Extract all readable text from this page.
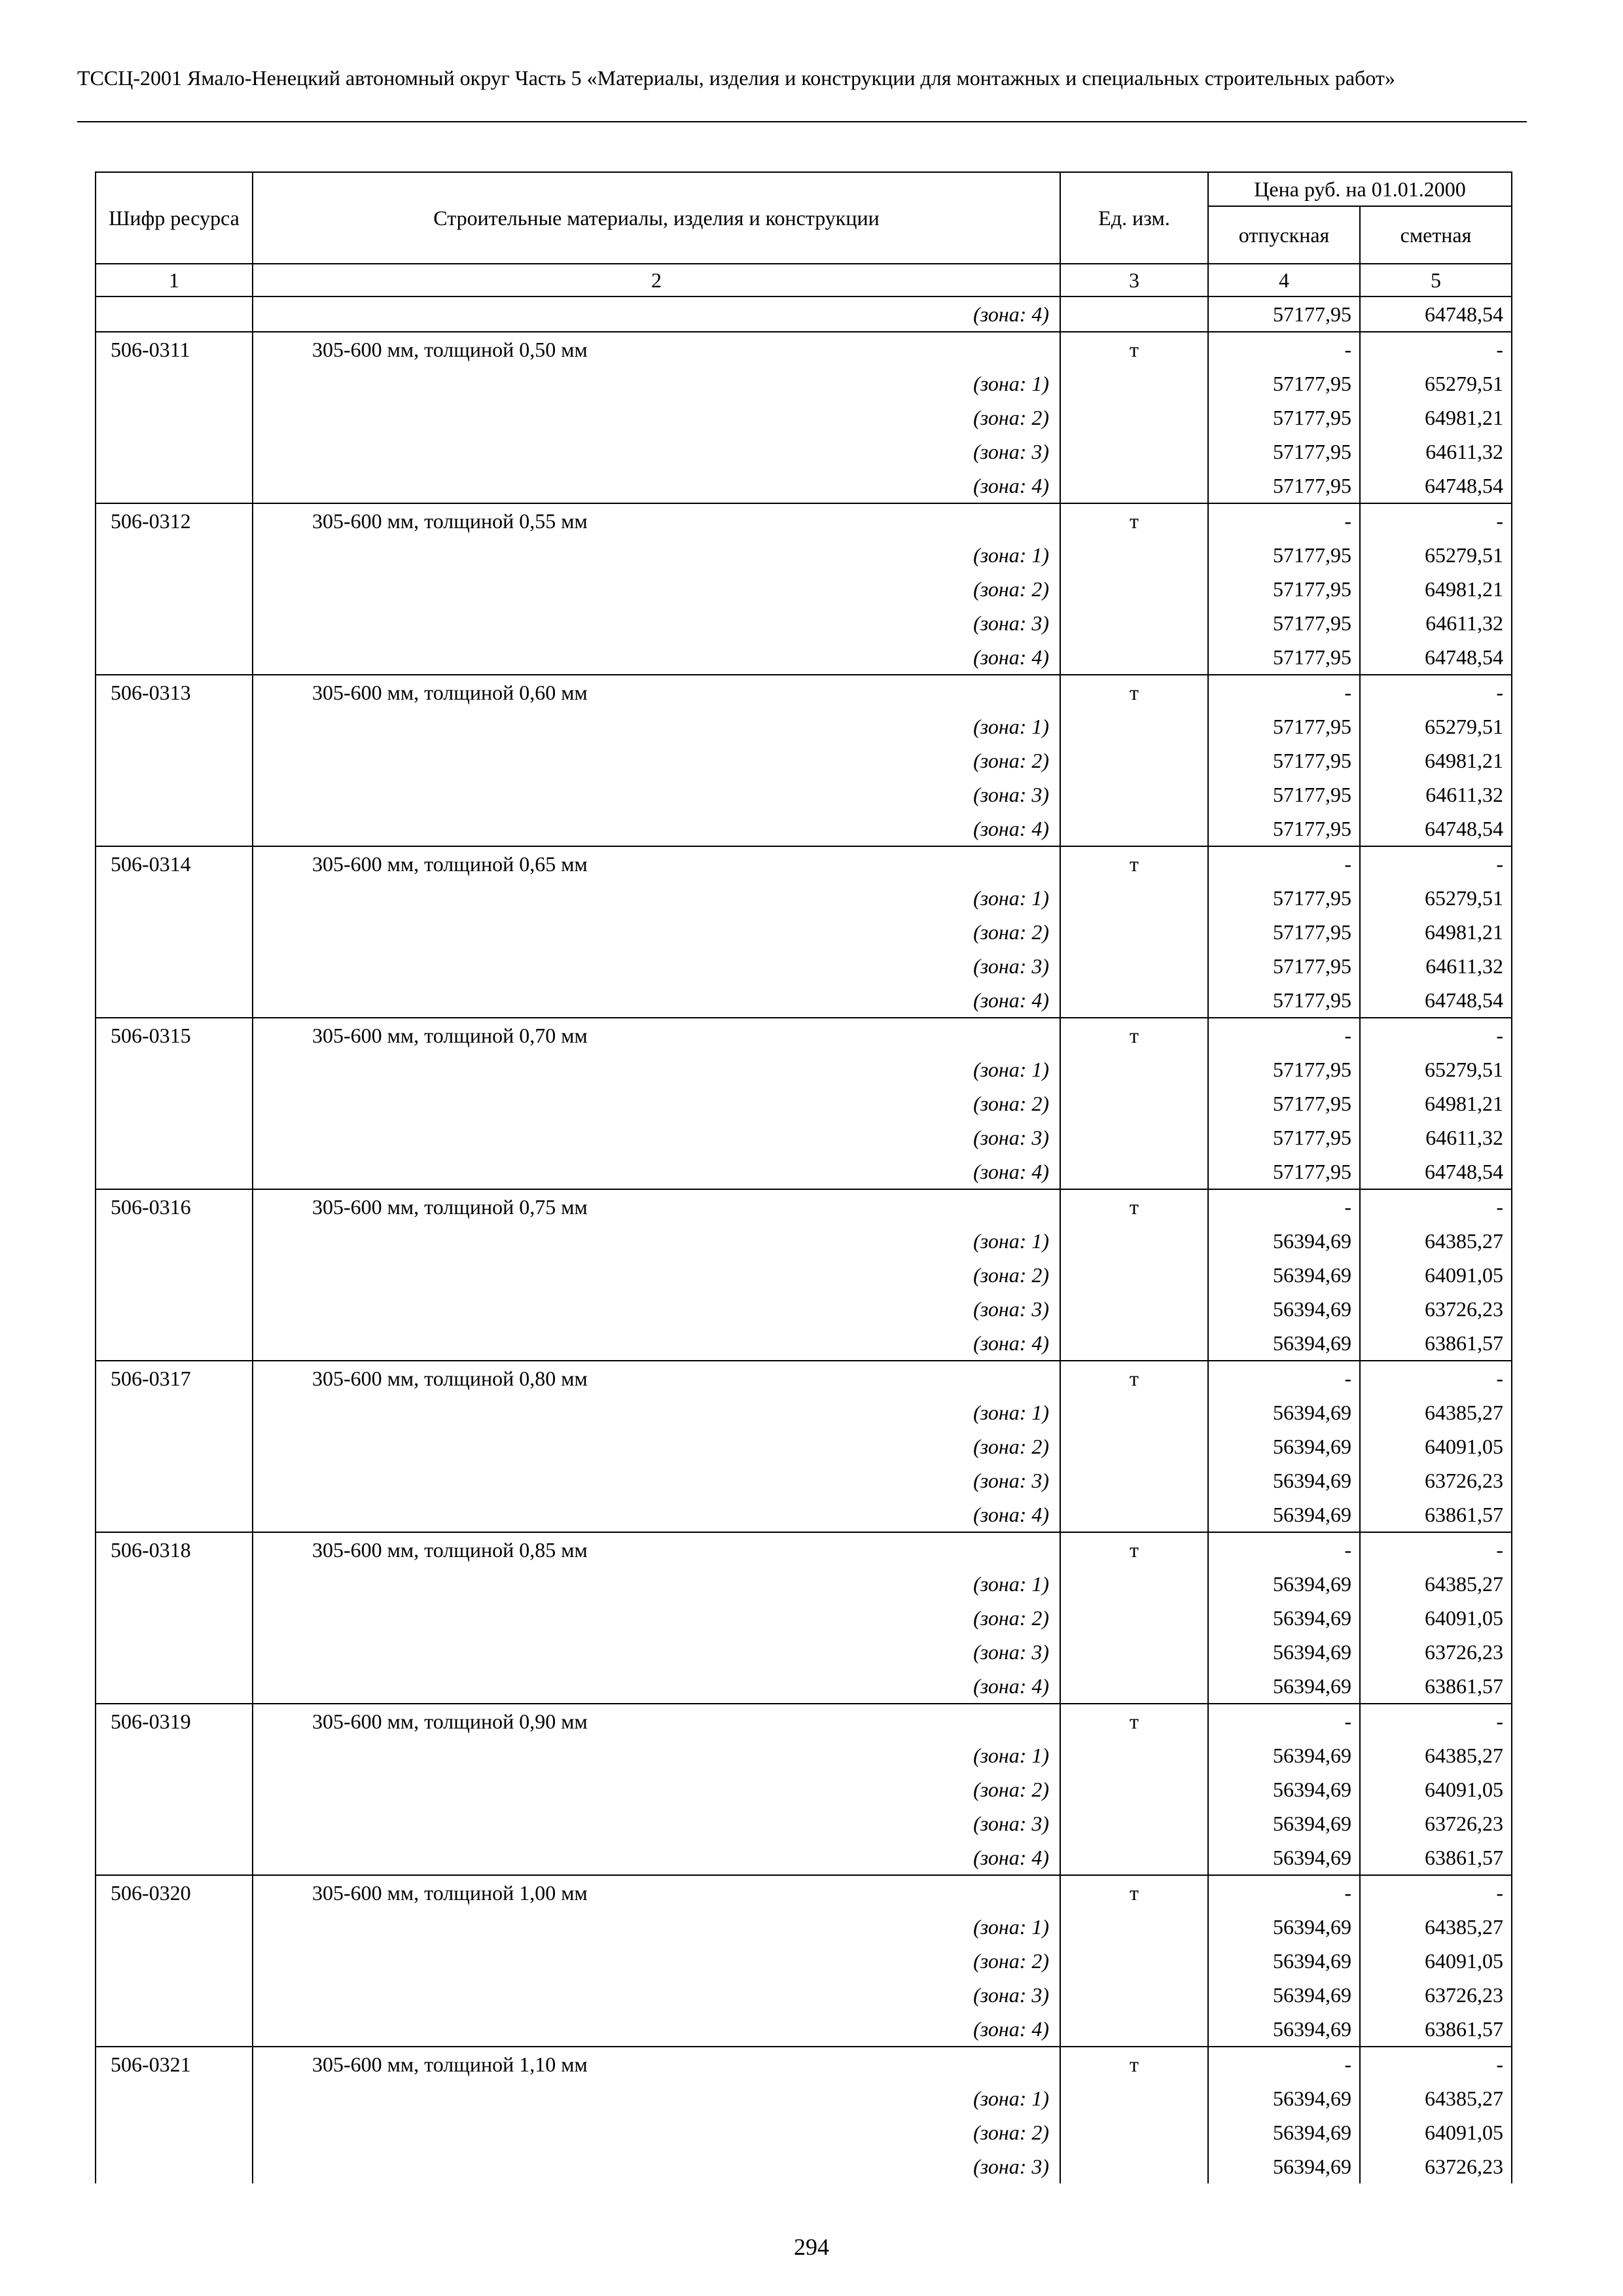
ТССЦ-2001 Ямало-Ненецкий автономный округ Часть 5 «Материалы, изделия и конструкции для монтажных и специальных строительных работ»
Шифр ресурса	Строительные материалы, изделия и конструкции	Ед. изм.	Цена руб. на 01.01.2000	
			отпускная	сметная
1	2	3	4	5
	(зона: 4)		57177,95	64748,54
506-0311	305-600 мм, толщиной 0,50 мм	т	-	-
	(зона: 1)		57177,95	65279,51
	(зона: 2)		57177,95	64981,21
	(зона: 3)		57177,95	64611,32
	(зона: 4)		57177,95	64748,54
506-0312	305-600 мм, толщиной 0,55 мм	т	-	-
	(зона: 1)		57177,95	65279,51
	(зона: 2)		57177,95	64981,21
	(зона: 3)		57177,95	64611,32
	(зона: 4)		57177,95	64748,54
506-0313	305-600 мм, толщиной 0,60 мм	т	-	-
	(зона: 1)		57177,95	65279,51
	(зона: 2)		57177,95	64981,21
	(зона: 3)		57177,95	64611,32
	(зона: 4)		57177,95	64748,54
506-0314	305-600 мм, толщиной 0,65 мм	т	-	-
	(зона: 1)		57177,95	65279,51
	(зона: 2)		57177,95	64981,21
	(зона: 3)		57177,95	64611,32
	(зона: 4)		57177,95	64748,54
506-0315	305-600 мм, толщиной 0,70 мм	т	-	-
	(зона: 1)		57177,95	65279,51
	(зона: 2)		57177,95	64981,21
	(зона: 3)		57177,95	64611,32
	(зона: 4)		57177,95	64748,54
506-0316	305-600 мм, толщиной 0,75 мм	т	-	-
	(зона: 1)		56394,69	64385,27
	(зона: 2)		56394,69	64091,05
	(зона: 3)		56394,69	63726,23
	(зона: 4)		56394,69	63861,57
506-0317	305-600 мм, толщиной 0,80 мм	т	-	-
	(зона: 1)		56394,69	64385,27
	(зона: 2)		56394,69	64091,05
	(зона: 3)		56394,69	63726,23
	(зона: 4)		56394,69	63861,57
506-0318	305-600 мм, толщиной 0,85 мм	т	-	-
	(зона: 1)		56394,69	64385,27
	(зона: 2)		56394,69	64091,05
	(зона: 3)		56394,69	63726,23
	(зона: 4)		56394,69	63861,57
506-0319	305-600 мм, толщиной 0,90 мм	т	-	-
	(зона: 1)		56394,69	64385,27
	(зона: 2)		56394,69	64091,05
	(зона: 3)		56394,69	63726,23
	(зона: 4)		56394,69	63861,57
506-0320	305-600 мм, толщиной 1,00 мм	т	-	-
	(зона: 1)		56394,69	64385,27
	(зона: 2)		56394,69	64091,05
	(зона: 3)		56394,69	63726,23
	(зона: 4)		56394,69	63861,57
506-0321	305-600 мм, толщиной 1,10 мм	т	-	-
	(зона: 1)		56394,69	64385,27
	(зона: 2)		56394,69	64091,05
	(зона: 3)		56394,69	63726,23
294
